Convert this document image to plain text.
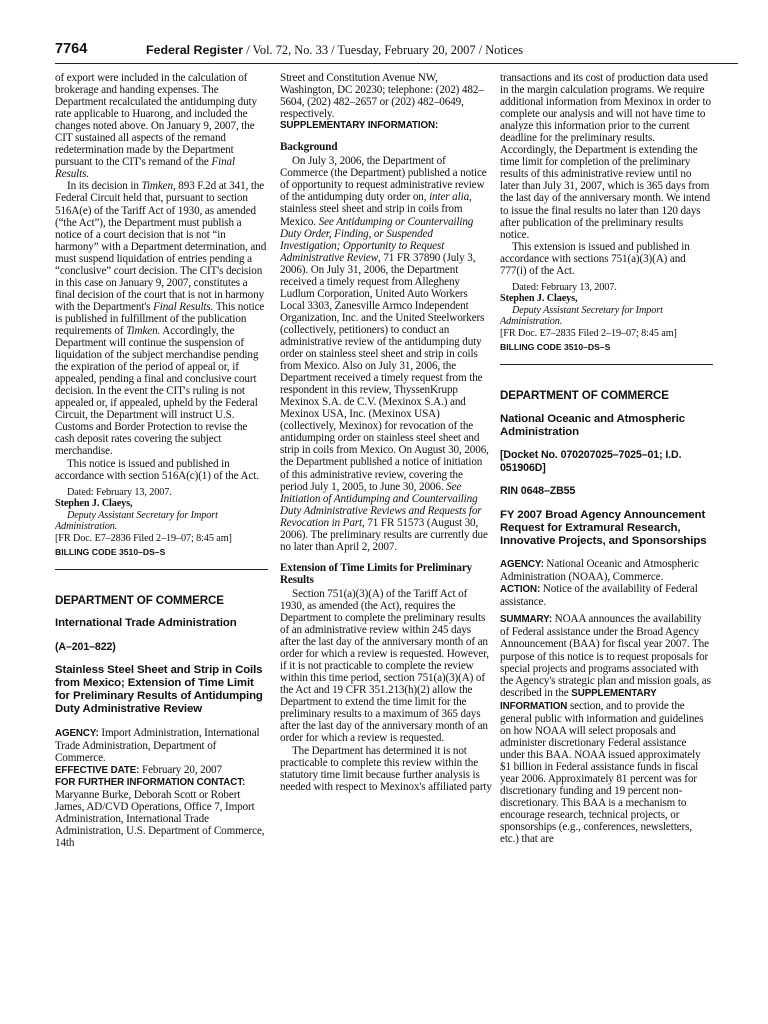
7764	Federal Register / Vol. 72, No. 33 / Tuesday, February 20, 2007 / Notices

of export were included in the calculation of brokerage and handing expenses. The Department recalculated the antidumping duty rate applicable to Huarong, and included the changes noted above. On January 9, 2007, the CIT sustained all aspects of the remand redetermination made by the Department pursuant to the CIT's remand of the Final Results.

In its decision in Timken, 893 F.2d at 341, the Federal Circuit held that, pursuant to section 516A(e) of the Tariff Act of 1930, as amended (“the Act”), the Department must publish a notice of a court decision that is not “in harmony” with a Department determination, and must suspend liquidation of entries pending a “conclusive” court decision. The CIT's decision in this case on January 9, 2007, constitutes a final decision of the court that is not in harmony with the Department's Final Results. This notice is published in fulfillment of the publication requirements of Timken. Accordingly, the Department will continue the suspension of liquidation of the subject merchandise pending the expiration of the period of appeal or, if appealed, pending a final and conclusive court decision. In the event the CIT's ruling is not appealed or, if appealed, upheld by the Federal Circuit, the Department will instruct U.S. Customs and Border Protection to revise the cash deposit rates covering the subject merchandise.

This notice is issued and published in accordance with section 516A(c)(1) of the Act.

Dated: February 13, 2007.

Stephen J. Claeys,

Deputy Assistant Secretary for Import Administration.

[FR Doc. E7–2836 Filed 2–19–07; 8:45 am]

BILLING CODE 3510–DS–S

DEPARTMENT OF COMMERCE

International Trade Administration

(A–201–822)

Stainless Steel Sheet and Strip in Coils from Mexico; Extension of Time Limit for Preliminary Results of Antidumping Duty Administrative Review

AGENCY: Import Administration, International Trade Administration, Department of Commerce.

EFFECTIVE DATE: February 20, 2007

FOR FURTHER INFORMATION CONTACT:

Maryanne Burke, Deborah Scott or Robert James, AD/CVD Operations, Office 7, Import Administration, International Trade Administration, U.S. Department of Commerce, 14th

Street and Constitution Avenue NW, Washington, DC 20230; telephone: (202) 482–5604, (202) 482–2657 or (202) 482–0649, respectively.

SUPPLEMENTARY INFORMATION:

Background

On July 3, 2006, the Department of Commerce (the Department) published a notice of opportunity to request administrative review of the antidumping duty order on, inter alia, stainless steel sheet and strip in coils from Mexico. See Antidumping or Countervailing Duty Order, Finding, or Suspended Investigation; Opportunity to Request Administrative Review, 71 FR 37890 (July 3, 2006). On July 31, 2006, the Department received a timely request from Allegheny Ludlum Corporation, United Auto Workers Local 3303, Zanesville Armco Independent Organization, Inc. and the United Steelworkers (collectively, petitioners) to conduct an administrative review of the antidumping duty order on stainless steel sheet and strip in coils from Mexico. Also on July 31, 2006, the Department received a timely request from the respondent in this review, ThyssenKrupp Mexinox S.A. de C.V. (Mexinox S.A.) and Mexinox USA, Inc. (Mexinox USA) (collectively, Mexinox) for revocation of the antidumping order on stainless steel sheet and strip in coils from Mexico. On August 30, 2006, the Department published a notice of initiation of this administrative review, covering the period July 1, 2005, to June 30, 2006. See Initiation of Antidumping and Countervailing Duty Administrative Reviews and Requests for Revocation in Part, 71 FR 51573 (August 30, 2006). The preliminary results are currently due no later than April 2, 2007.

Extension of Time Limits for Preliminary Results

Section 751(a)(3)(A) of the Tariff Act of 1930, as amended (the Act), requires the Department to complete the preliminary results of an administrative review within 245 days after the last day of the anniversary month of an order for which a review is requested. However, if it is not practicable to complete the review within this time period, section 751(a)(3)(A) of the Act and 19 CFR 351.213(h)(2) allow the Department to extend the time limit for the preliminary results to a maximum of 365 days after the last day of the anniversary month of an order for which a review is requested.

The Department has determined it is not practicable to complete this review within the statutory time limit because further analysis is needed with respect to Mexinox's affiliated party

transactions and its cost of production data used in the margin calculation programs. We require additional information from Mexinox in order to complete our analysis and will not have time to analyze this information prior to the current deadline for the preliminary results. Accordingly, the Department is extending the time limit for completion of the preliminary results of this administrative review until no later than July 31, 2007, which is 365 days from the last day of the anniversary month. We intend to issue the final results no later than 120 days after publication of the preliminary results notice.

This extension is issued and published in accordance with sections 751(a)(3)(A) and 777(i) of the Act.

Dated: February 13, 2007.

Stephen J. Claeys,

Deputy Assistant Secretary for Import Administration.

[FR Doc. E7–2835 Filed 2–19–07; 8:45 am]

BILLING CODE 3510–DS–S

DEPARTMENT OF COMMERCE

National Oceanic and Atmospheric Administration

[Docket No. 070207025–7025–01; I.D. 051906D]

RIN 0648–ZB55

FY 2007 Broad Agency Announcement Request for Extramural Research, Innovative Projects, and Sponsorships

AGENCY: National Oceanic and Atmospheric Administration (NOAA), Commerce.

ACTION: Notice of the availability of Federal assistance.

SUMMARY: NOAA announces the availability of Federal assistance under the Broad Agency Announcement (BAA) for fiscal year 2007. The purpose of this notice is to request proposals for special projects and programs associated with the Agency's strategic plan and mission goals, as described in the SUPPLEMENTARY INFORMATION section, and to provide the general public with information and guidelines on how NOAA will select proposals and administer discretionary Federal assistance under this BAA. NOAA issued approximately $1 billion in Federal assistance funds in fiscal year 2006. Approximately 81 percent was for discretionary funding and 19 percent non-discretionary. This BAA is a mechanism to encourage research, technical projects, or sponsorships (e.g., conferences, newsletters, etc.) that are
